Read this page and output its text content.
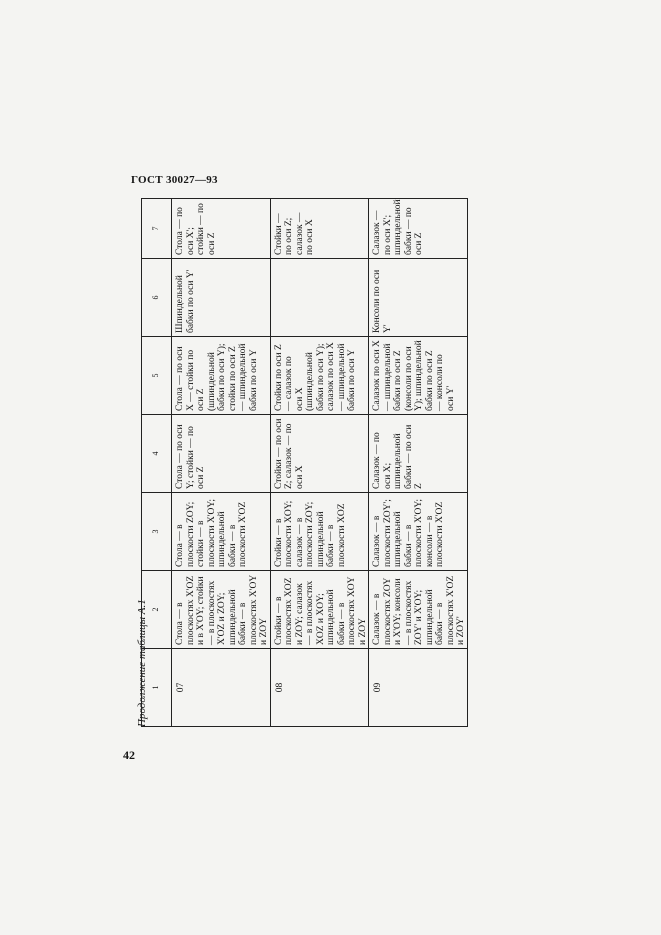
ГОСТ 30027—93
Продолжение таблицы А.1 1	2	3	4	5	6	7
07	Стола — в плоскостях X'OZ и в X'OY; стойки — в плоскостях X'OZ и ZOY; шпиндельной бабки — в плоскостях X'OY и ZOY	Стола — в плоскости ZOY; стойки — в плоскости X'OY; шпиндельной бабки — в плоскости X'OZ	Стола — по оси Y; стойки — по оси Z	Стола — по оси X — стойки по оси Z (шпиндельной бабки по оси Y); стойки по оси Z — шпиндельной бабки по оси Y	Шпиндельной бабки по оси Y'	Стола — по оси X'; стойки — по оси Z
08	Стойки — в плоскостях XOZ и ZOY; салазок — в плоскостях XOZ и XOY; шпиндельной бабки — в плоскостях XOY и ZOY	Стойки — в плоскости XOY; салазок — в плоскости ZOY; шпиндельной бабки — в плоскости XOZ	Стойки — по оси Z; салазок — по оси X	Стойки по оси Z — салазок по оси X (шпиндельной бабки по оси Y); салазок по оси X — шпиндельной бабки по оси Y		Стойки — по оси Z; салазок — по оси X
09	Салазок — в плоскостях ZOY и X'OY; консоли — в плоскостях ZOY' и X'OY; шпиндельной бабки — в плоскостях X'OZ и ZOY'	Салазок — в плоскости ZOY'; шпиндельной бабки — в плоскости X'OY; консоли — в плоскости X'OZ	Салазок — по оси X; шпиндельной бабки — по оси Z	Салазок по оси X — шпиндельной бабки по оси Z (консоли по оси Y); шпиндельной бабки по оси Z — консоли по оси Y'	Консоли по оси Y'	Салазок — по оси X'; шпиндельной бабки — по оси Z
42
